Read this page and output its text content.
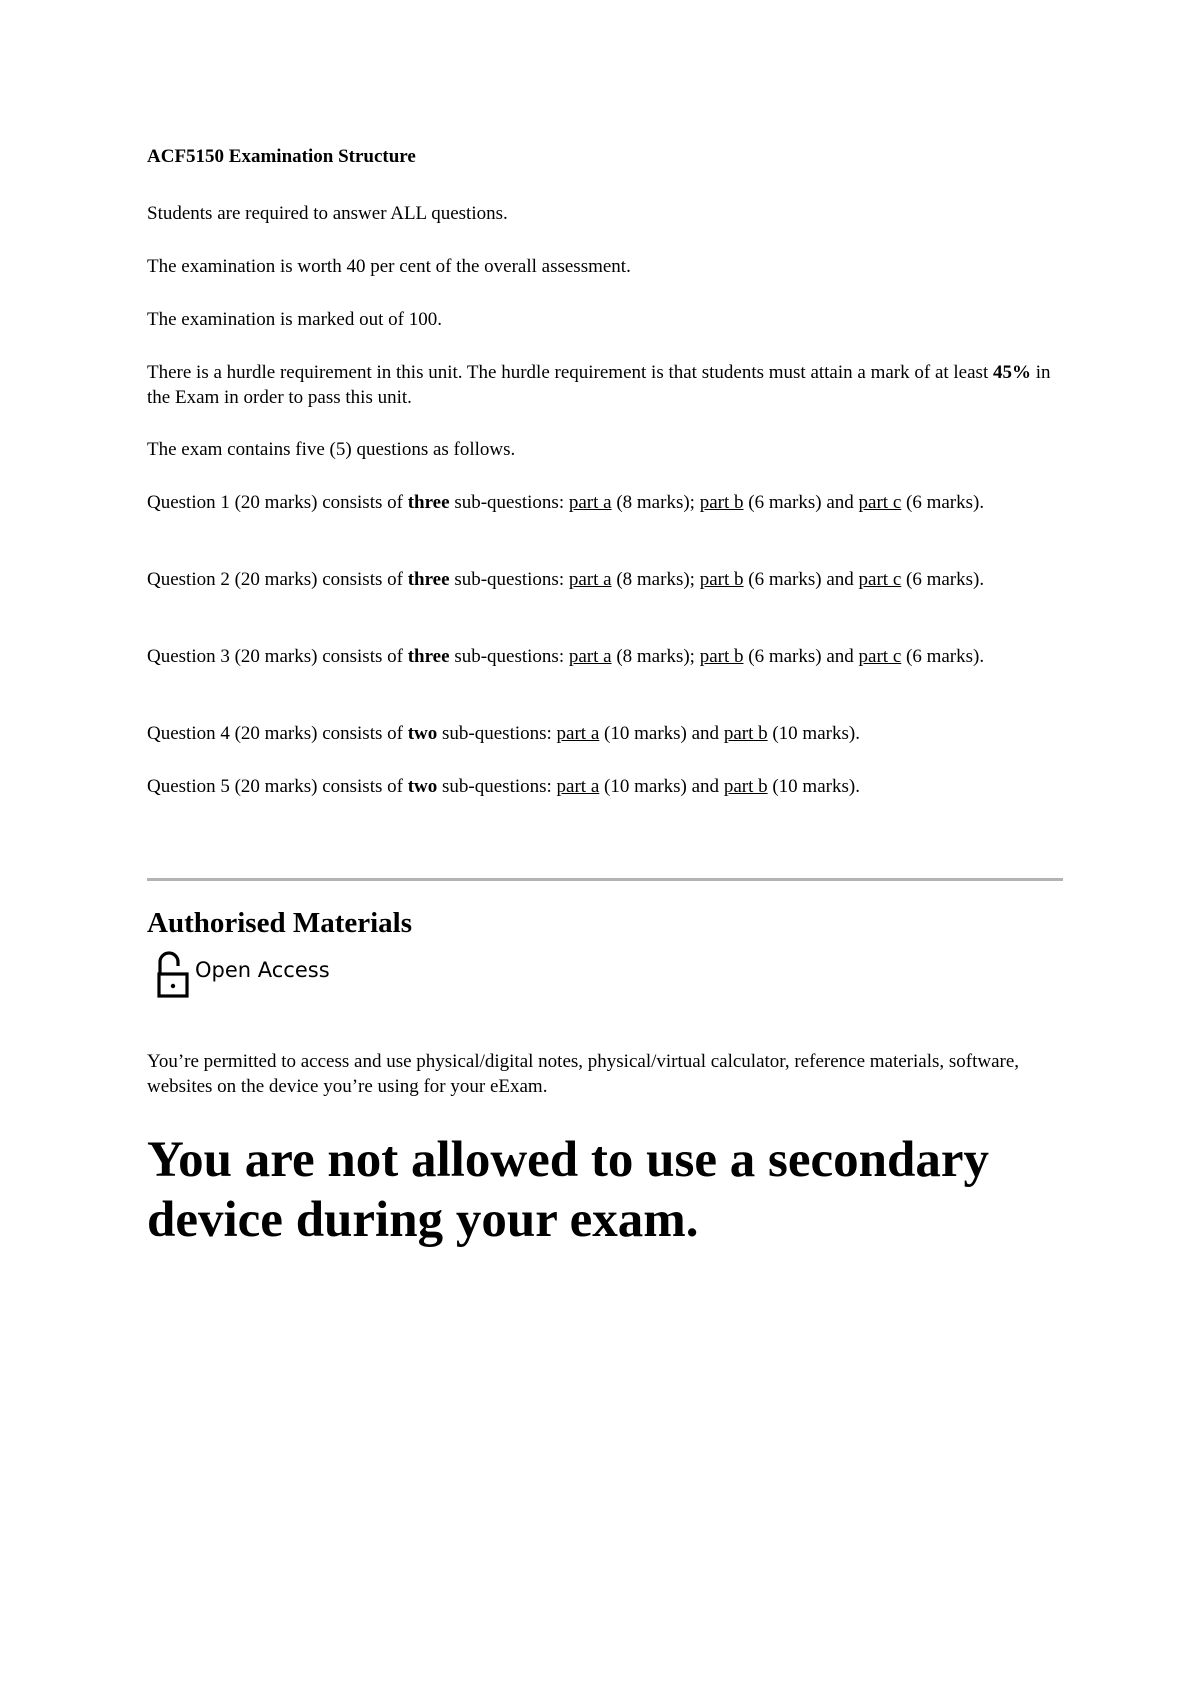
ACF5150 Examination Structure

Students are required to answer ALL questions.

The examination is worth 40 per cent of the overall assessment.

The examination is marked out of 100.

There is a hurdle requirement in this unit. The hurdle requirement is that students must attain a mark of at least 45% in the Exam in order to pass this unit.

The exam contains five (5) questions as follows.

Question 1 (20 marks) consists of three sub-questions: part a (8 marks); part b (6 marks) and part c (6 marks).

Question 2 (20 marks) consists of three sub-questions: part a (8 marks); part b (6 marks) and part c (6 marks).

Question 3 (20 marks) consists of three sub-questions: part a (8 marks); part b (6 marks) and part c (6 marks).

Question 4 (20 marks) consists of two sub-questions: part a (10 marks) and part b (10 marks).

Question 5 (20 marks) consists of two sub-questions: part a (10 marks) and part b (10 marks).

Authorised Materials
Open Access

You’re permitted to access and use physical/digital notes, physical/virtual calculator, reference materials, software, websites on the device you’re using for your eExam.

You are not allowed to use a secondary device during your exam.
